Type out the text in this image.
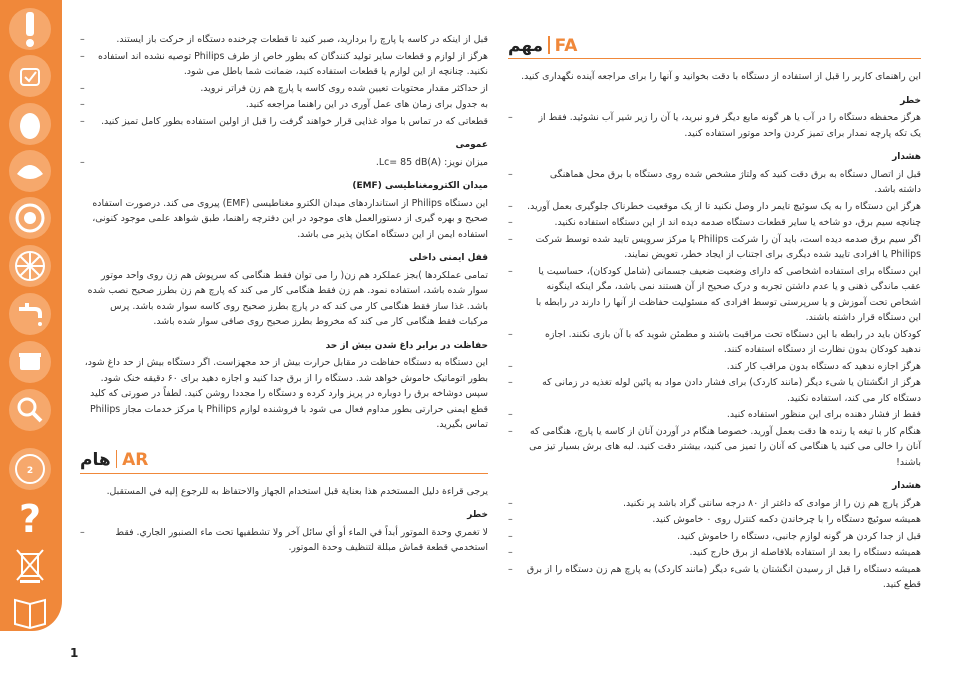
2
?
1
قبل از اینکه در کاسه یا پارچ را بردارید، صبر کنید تا قطعات چرخنده دستگاه از حرکت باز ایستند. –
هرگز از لوازم و قطعات سایر تولید کنندگان که بطور خاص از طرف Philips توصیه نشده اند استفاده نکنید. چنانچه از این لوازم یا قطعات استفاده کنید، ضمانت شما باطل می شود. –
از حداکثر مقدار محتویات تعیین شده روی کاسه یا پارچ هم زن فراتر نروید. –
به جدول برای زمان های عمل آوری در این راهنما مراجعه کنید. –
قطعاتی که در تماس با مواد غذایی قرار خواهند گرفت را قبل از اولین استفاده بطور کامل تمیز کنید. –
عمومی
میزان نویز: Lc= 85 dB(A). –
میدان الکترومغناطیسی (EMF)

این دستگاه Philips از استانداردهای میدان الکترو مغناطیسی (EMF) پیروی می کند. درصورت استفاده صحیح و بهره گیری از دستورالعمل های موجود در این دفترچه راهنما، طبق شواهد علمی موجود کنونی، استفاده ایمن از این دستگاه امکان پذیر می باشد.

قفل ایمنی داخلی

تمامی عملکردها )بجز عملکرد هم زن( را می توان فقط هنگامی که سرپوش هم زن روی واحد موتور سوار شده باشد، استفاده نمود. هم زن فقط هنگامی کار می کند که پارچ هم زن بطرز صحیح نصب شده باشد. غذا ساز فقط هنگامی کار می کند که در پارچ بطرز صحیح روی کاسه سوار شده باشد. پرس مرکبات فقط هنگامی کار می کند که مخروط بطرز صحیح روی صافی سوار شده باشد.

حفاظت در برابر داغ شدن بیش از حد

این دستگاه به دستگاه حفاظت در مقابل حرارت بیش از حد مجهزاست. اگر دستگاه بیش از حد داغ شود، بطور اتوماتیک خاموش خواهد شد. دستگاه را از برق جدا کنید و اجازه دهید برای ۶۰ دقیقه خنک شود. سپس دوشاخه برق را دوباره در پریز وارد کرده و دستگاه را مجددا روشن کنید. لطفاً در صورتی که کلید قطع ایمنی حرارتی بطور مداوم فعال می شود با فروشنده لوازم Philips یا مرکز خدمات مجاز Philips تماس بگیرید.

هام AR

يرجى قراءة دليل المستخدم هذا بعناية قبل استخدام الجهاز والاحتفاظ به للرجوع إليه في المستقبل.

خطر
لا تغمري وحدة الموتور أبداً في الماء أو أي سائل آخر ولا تشطفيها تحت ماء الصنبور الجاري. فقط استخدمي قطعة قماش مبللة لتنظيف وحدة الموتور. –
مهم FA

این راهنمای کاربر را قبل از استفاده از دستگاه با دقت بخوانید و آنها را برای مراجعه آینده نگهداری کنید.

خطر
هرگز محفظه دستگاه را در آب یا هر گونه مایع دیگر فرو نبرید، یا آن را زیر شیر آب نشوئید. فقط از یک تکه پارچه نمدار برای تمیز کردن واحد موتور استفاده کنید. –
هشدار
قبل از اتصال دستگاه به برق دقت کنید که ولتاژ مشخص شده روی دستگاه با برق محل هماهنگی داشته باشد. –
هرگز این دستگاه را به یک سوئیچ تایمر دار وصل نکنید تا از یک موقعیت خطرناک جلوگیری بعمل آورید. –
چنانچه سیم برق، دو شاخه یا سایر قطعات دستگاه صدمه دیده اند از این دستگاه استفاده نکنید. –
اگر سیم برق صدمه دیده است، باید آن را شرکت Philips یا مرکز سرویس تایید شده توسط شرکت Philips یا افرادی تایید شده دیگری برای اجتناب از ایجاد خطر، تعویض نمایند. –
این دستگاه برای استفاده اشخاصی که دارای وضعیت ضعیف جسمانی (شامل کودکان)، حساسیت یا عقب ماندگی ذهنی و یا عدم داشتن تجربه و درک صحیح از آن هستند نمی باشد، مگر اینکه اینگونه اشخاص تحت آموزش و یا سرپرستی توسط افرادی که مسئولیت حفاظت از آنها را دارند در رابطه با این دستگاه قرار داشته باشند. –
کودکان باید در رابطه با این دستگاه تحت مراقبت باشند و مطمئن شوید که با آن بازی نکنند. اجازه ندهید کودکان بدون نظارت از دستگاه استفاده کنند. –
هرگز اجازه ندهید که دستگاه بدون مراقب کار کند. –
هرگز از انگشتان یا شیء دیگر (مانند کاردک) برای فشار دادن مواد به پائین لوله تغذیه در زمانی که دستگاه کار می کند، استفاده نکنید. –
فقط از فشار دهنده برای این منظور استفاده کنید. –
هنگام کار با تیغه یا رنده ها دقت بعمل آورید. خصوصا هنگام در آوردن آنان از کاسه یا پارچ، هنگامی که آنان را خالی می کنید یا هنگامی که آنان را تمیز می کنید، بیشتر دقت کنید. لبه های برش بسیار تیز می باشند! –
هشدار
هرگز پارچ هم زن را از موادی که داغتر از ۸۰ درجه سانتی گراد باشد پر نکنید. –
همیشه سوئیچ دستگاه را با چرخاندن دکمه کنترل روی ۰ خاموش کنید. –
قبل از جدا کردن هر گونه لوازم جانبی، دستگاه را خاموش کنید. –
همیشه دستگاه را بعد از استفاده بلافاصله از برق خارج کنید. –
همیشه دستگاه را قبل از رسیدن انگشتان یا شیء دیگر (مانند کاردک) به پارچ هم زن دستگاه را از برق قطع کنید. –
